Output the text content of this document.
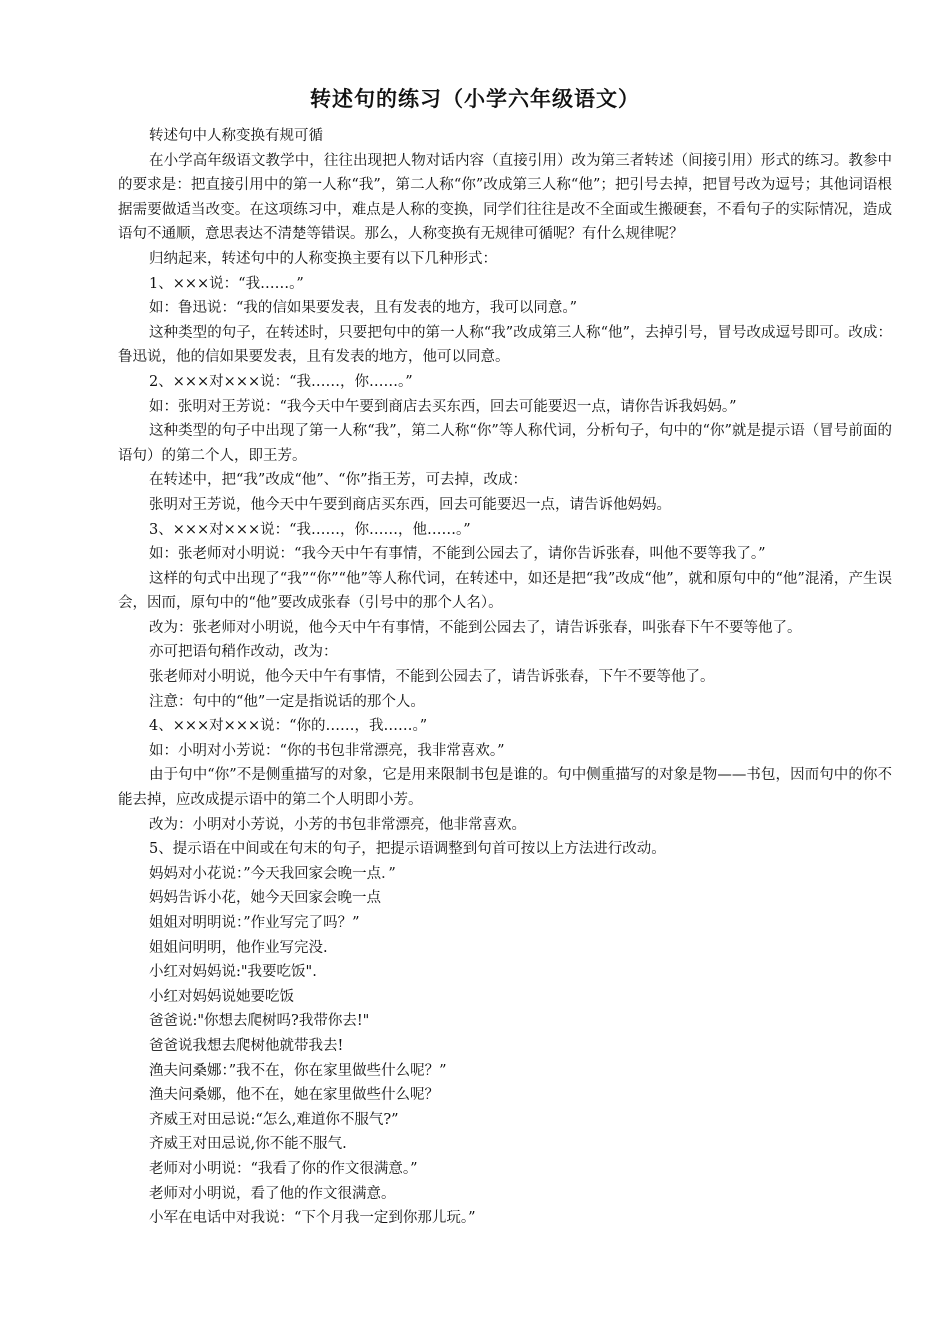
转述句的练习（小学六年级语文）

转述句中人称变换有规可循

在小学高年级语文教学中，往往出现把人物对话内容（直接引用）改为第三者转述（间接引用）形式的练习。教参中的要求是：把直接引用中的第一人称“我”，第二人称“你”改成第三人称“他”；把引号去掉，把冒号改为逗号；其他词语根据需要做适当改变。在这项练习中，难点是人称的变换，同学们往往是改不全面或生搬硬套，不看句子的实际情况，造成语句不通顺，意思表达不清楚等错误。那么，人称变换有无规律可循呢？有什么规律呢？

归纳起来，转述句中的人称变换主要有以下几种形式：

1、×××说：“我……。”

如：鲁迅说：“我的信如果要发表，且有发表的地方，我可以同意。”

这种类型的句子，在转述时，只要把句中的第一人称“我”改成第三人称“他”，去掉引号，冒号改成逗号即可。改成：鲁迅说，他的信如果要发表，且有发表的地方，他可以同意。

2、×××对×××说：“我……，你……。”

如：张明对王芳说：“我今天中午要到商店去买东西，回去可能要迟一点，请你告诉我妈妈。”

这种类型的句子中出现了第一人称“我”，第二人称“你”等人称代词，分析句子，句中的“你”就是提示语（冒号前面的语句）的第二个人，即王芳。

在转述中，把“我”改成“他”、“你”指王芳，可去掉，改成：

张明对王芳说，他今天中午要到商店买东西，回去可能要迟一点，请告诉他妈妈。

3、×××对×××说：“我……，你……，他……。”

如：张老师对小明说：“我今天中午有事情，不能到公园去了，请你告诉张春，叫他不要等我了。”

这样的句式中出现了“我”“你”“他”等人称代词，在转述中，如还是把“我”改成“他”，就和原句中的“他”混淆，产生误会，因而，原句中的“他”要改成张春（引号中的那个人名）。

改为：张老师对小明说，他今天中午有事情，不能到公园去了，请告诉张春，叫张春下午不要等他了。

亦可把语句稍作改动，改为：

张老师对小明说，他今天中午有事情，不能到公园去了，请告诉张春，下午不要等他了。

注意：句中的“他”一定是指说话的那个人。

4、×××对×××说：“你的……，我……。”

如：小明对小芳说：“你的书包非常漂亮，我非常喜欢。”

由于句中“你”不是侧重描写的对象，它是用来限制书包是谁的。句中侧重描写的对象是物——书包，因而句中的你不能去掉，应改成提示语中的第二个人明即小芳。

改为：小明对小芳说，小芳的书包非常漂亮，他非常喜欢。

5、提示语在中间或在句末的句子，把提示语调整到句首可按以上方法进行改动。

妈妈对小花说：”今天我回家会晚一点．”

妈妈告诉小花，她今天回家会晚一点

姐姐对明明说：”作业写完了吗？”

姐姐问明明，他作业写完没.

小红对妈妈说:"我要吃饭".

小红对妈妈说她要吃饭

爸爸说:"你想去爬树吗?我带你去!"

爸爸说我想去爬树他就带我去!

渔夫问桑娜：”我不在，你在家里做些什么呢？”

渔夫问桑娜，他不在，她在家里做些什么呢？

齐威王对田忌说:“怎么,难道你不服气?”

齐威王对田忌说,你不能不服气.

老师对小明说：“我看了你的作文很满意。”

老师对小明说，看了他的作文很满意。

小军在电话中对我说：“下个月我一定到你那儿玩。”
